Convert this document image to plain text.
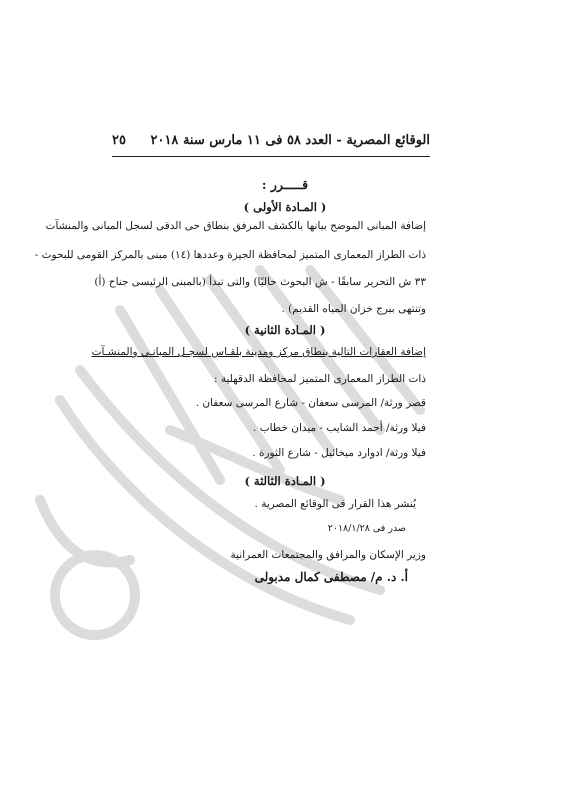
الوقائع المصرية - العدد ٥٨ فى ١١ مارس سنة ٢٠١٨
٢٥
قـــــرر :
( المـادة الأولى )
إضافة المبانى الموضح بيانها بالكشف المرفق بنطاق حى الدقى لسجل المبانى والمنشآت
ذات الطراز المعمارى المتميز لمحافظة الجيزة وعددها (١٤) مبنى بالمركز القومى للبحوث -
٣٣ ش التحرير سابقًا - ش البحوث حاليًا) والتى تبدأ (بالمبنى الرئيسى جناح (أ)
وتنتهى ببرج خزان المياه القديم) .
( المـادة الثانية )
إضافة العقارات التالية بنطاق مركز ومدينة بلقـاس لسجـل المبانـى والمنشـآت
ذات الطراز المعمارى المتميز لمحافظة الدقهلية :
قصر ورثة/ المرسى سعفان - شارع المرسى سعفان .
فيلا ورثة/ أحمد الشايب - ميدان خطاب .
فيلا ورثة/ ادوارد ميخائيل - شارع الثورة .
( المـادة الثالثة )
يُنشر هذا القرار فى الوقائع المصرية .
صدر فى ٢٠١٨/١/٢٨
وزير الإسكان والمرافق والمجتمعات العمرانية
أ. د. م/ مصطفى كمال مدبولى
